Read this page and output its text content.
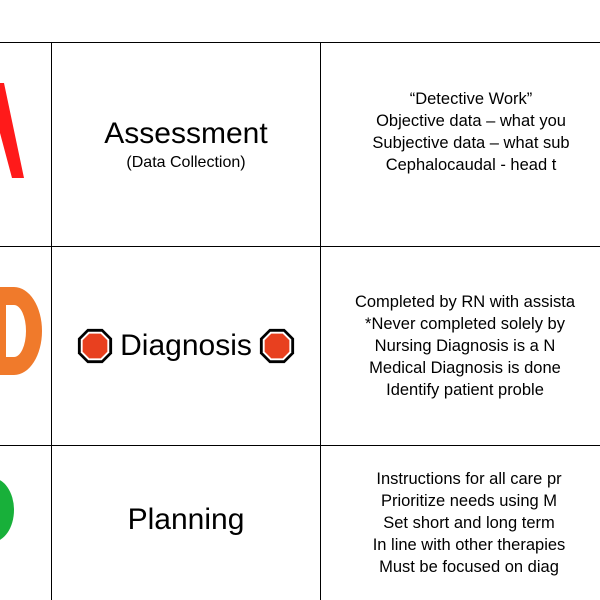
Assessment
(Data Collection)
“Detective Work”
Objective data – what you
Subjective data – what sub
Cephalocaudal - head t
Diagnosis
Completed by RN with assista
*Never completed solely by
Nursing Diagnosis is a N
Medical Diagnosis is done
Identify patient proble
Planning
Instructions for all care pr
Prioritize needs using M
Set short and long term
In line with other therapies
Must be focused on diag
